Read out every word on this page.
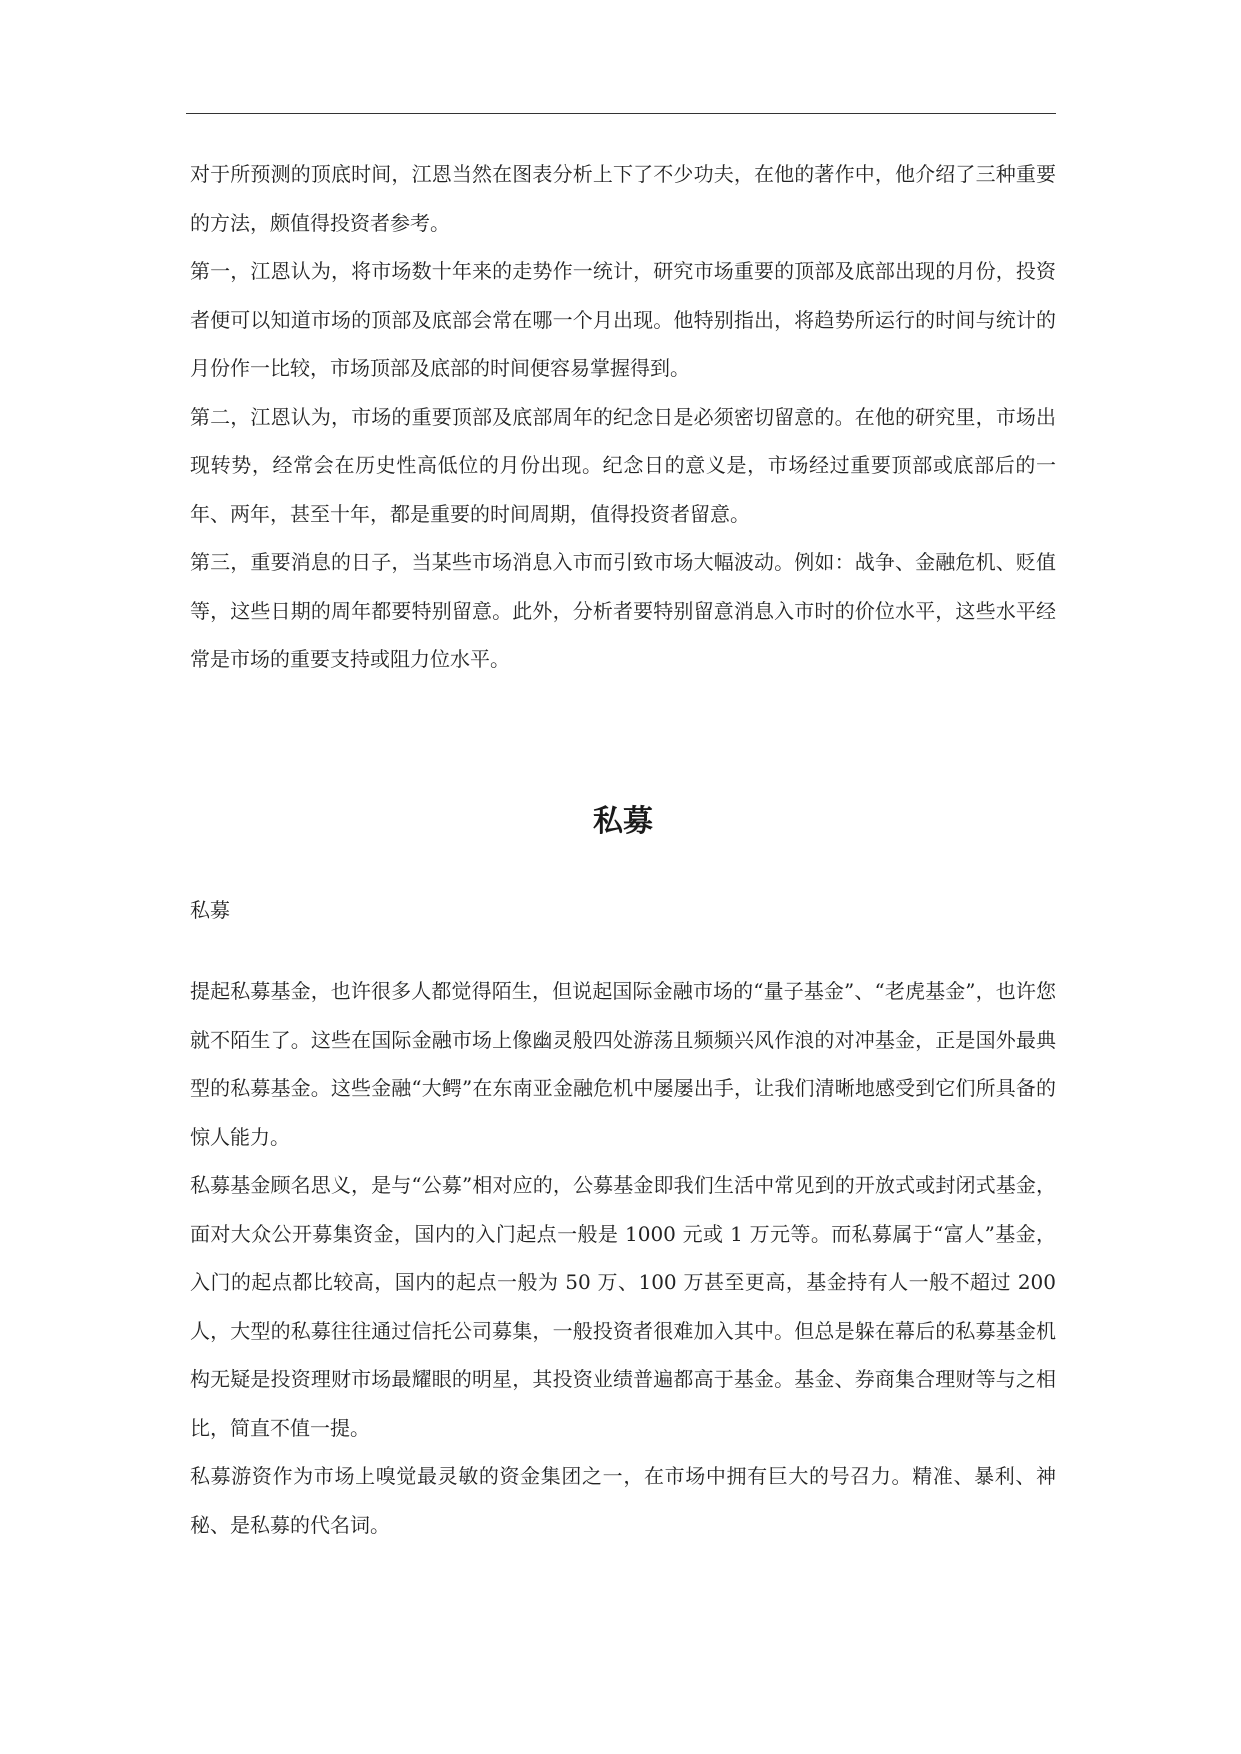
对于所预测的顶底时间，江恩当然在图表分析上下了不少功夫，在他的著作中，他介绍了三种重要的方法，颇值得投资者参考。

第一，江恩认为，将市场数十年来的走势作一统计，研究市场重要的顶部及底部出现的月份，投资者便可以知道市场的顶部及底部会常在哪一个月出现。他特别指出，将趋势所运行的时间与统计的月份作一比较，市场顶部及底部的时间便容易掌握得到。

第二，江恩认为，市场的重要顶部及底部周年的纪念日是必须密切留意的。在他的研究里，市场出现转势，经常会在历史性高低位的月份出现。纪念日的意义是，市场经过重要顶部或底部后的一年、两年，甚至十年，都是重要的时间周期，值得投资者留意。

第三，重要消息的日子，当某些市场消息入市而引致市场大幅波动。例如：战争、金融危机、贬值等，这些日期的周年都要特别留意。此外，分析者要特别留意消息入市时的价位水平，这些水平经常是市场的重要支持或阻力位水平。

私募
私募

提起私募基金，也许很多人都觉得陌生，但说起国际金融市场的“量子基金”、“老虎基金”，也许您就不陌生了。这些在国际金融市场上像幽灵般四处游荡且频频兴风作浪的对冲基金，正是国外最典型的私募基金。这些金融“大鳄”在东南亚金融危机中屡屡出手，让我们清晰地感受到它们所具备的惊人能力。

私募基金顾名思义，是与“公募”相对应的，公募基金即我们生活中常见到的开放式或封闭式基金，面对大众公开募集资金，国内的入门起点一般是 1000 元或 1 万元等。而私募属于“富人”基金，入门的起点都比较高，国内的起点一般为 50 万、100 万甚至更高，基金持有人一般不超过 200 人，大型的私募往往通过信托公司募集，一般投资者很难加入其中。但总是躲在幕后的私募基金机构无疑是投资理财市场最耀眼的明星，其投资业绩普遍都高于基金。基金、券商集合理财等与之相比，简直不值一提。

私募游资作为市场上嗅觉最灵敏的资金集团之一，在市场中拥有巨大的号召力。精准、暴利、神秘、是私募的代名词。
